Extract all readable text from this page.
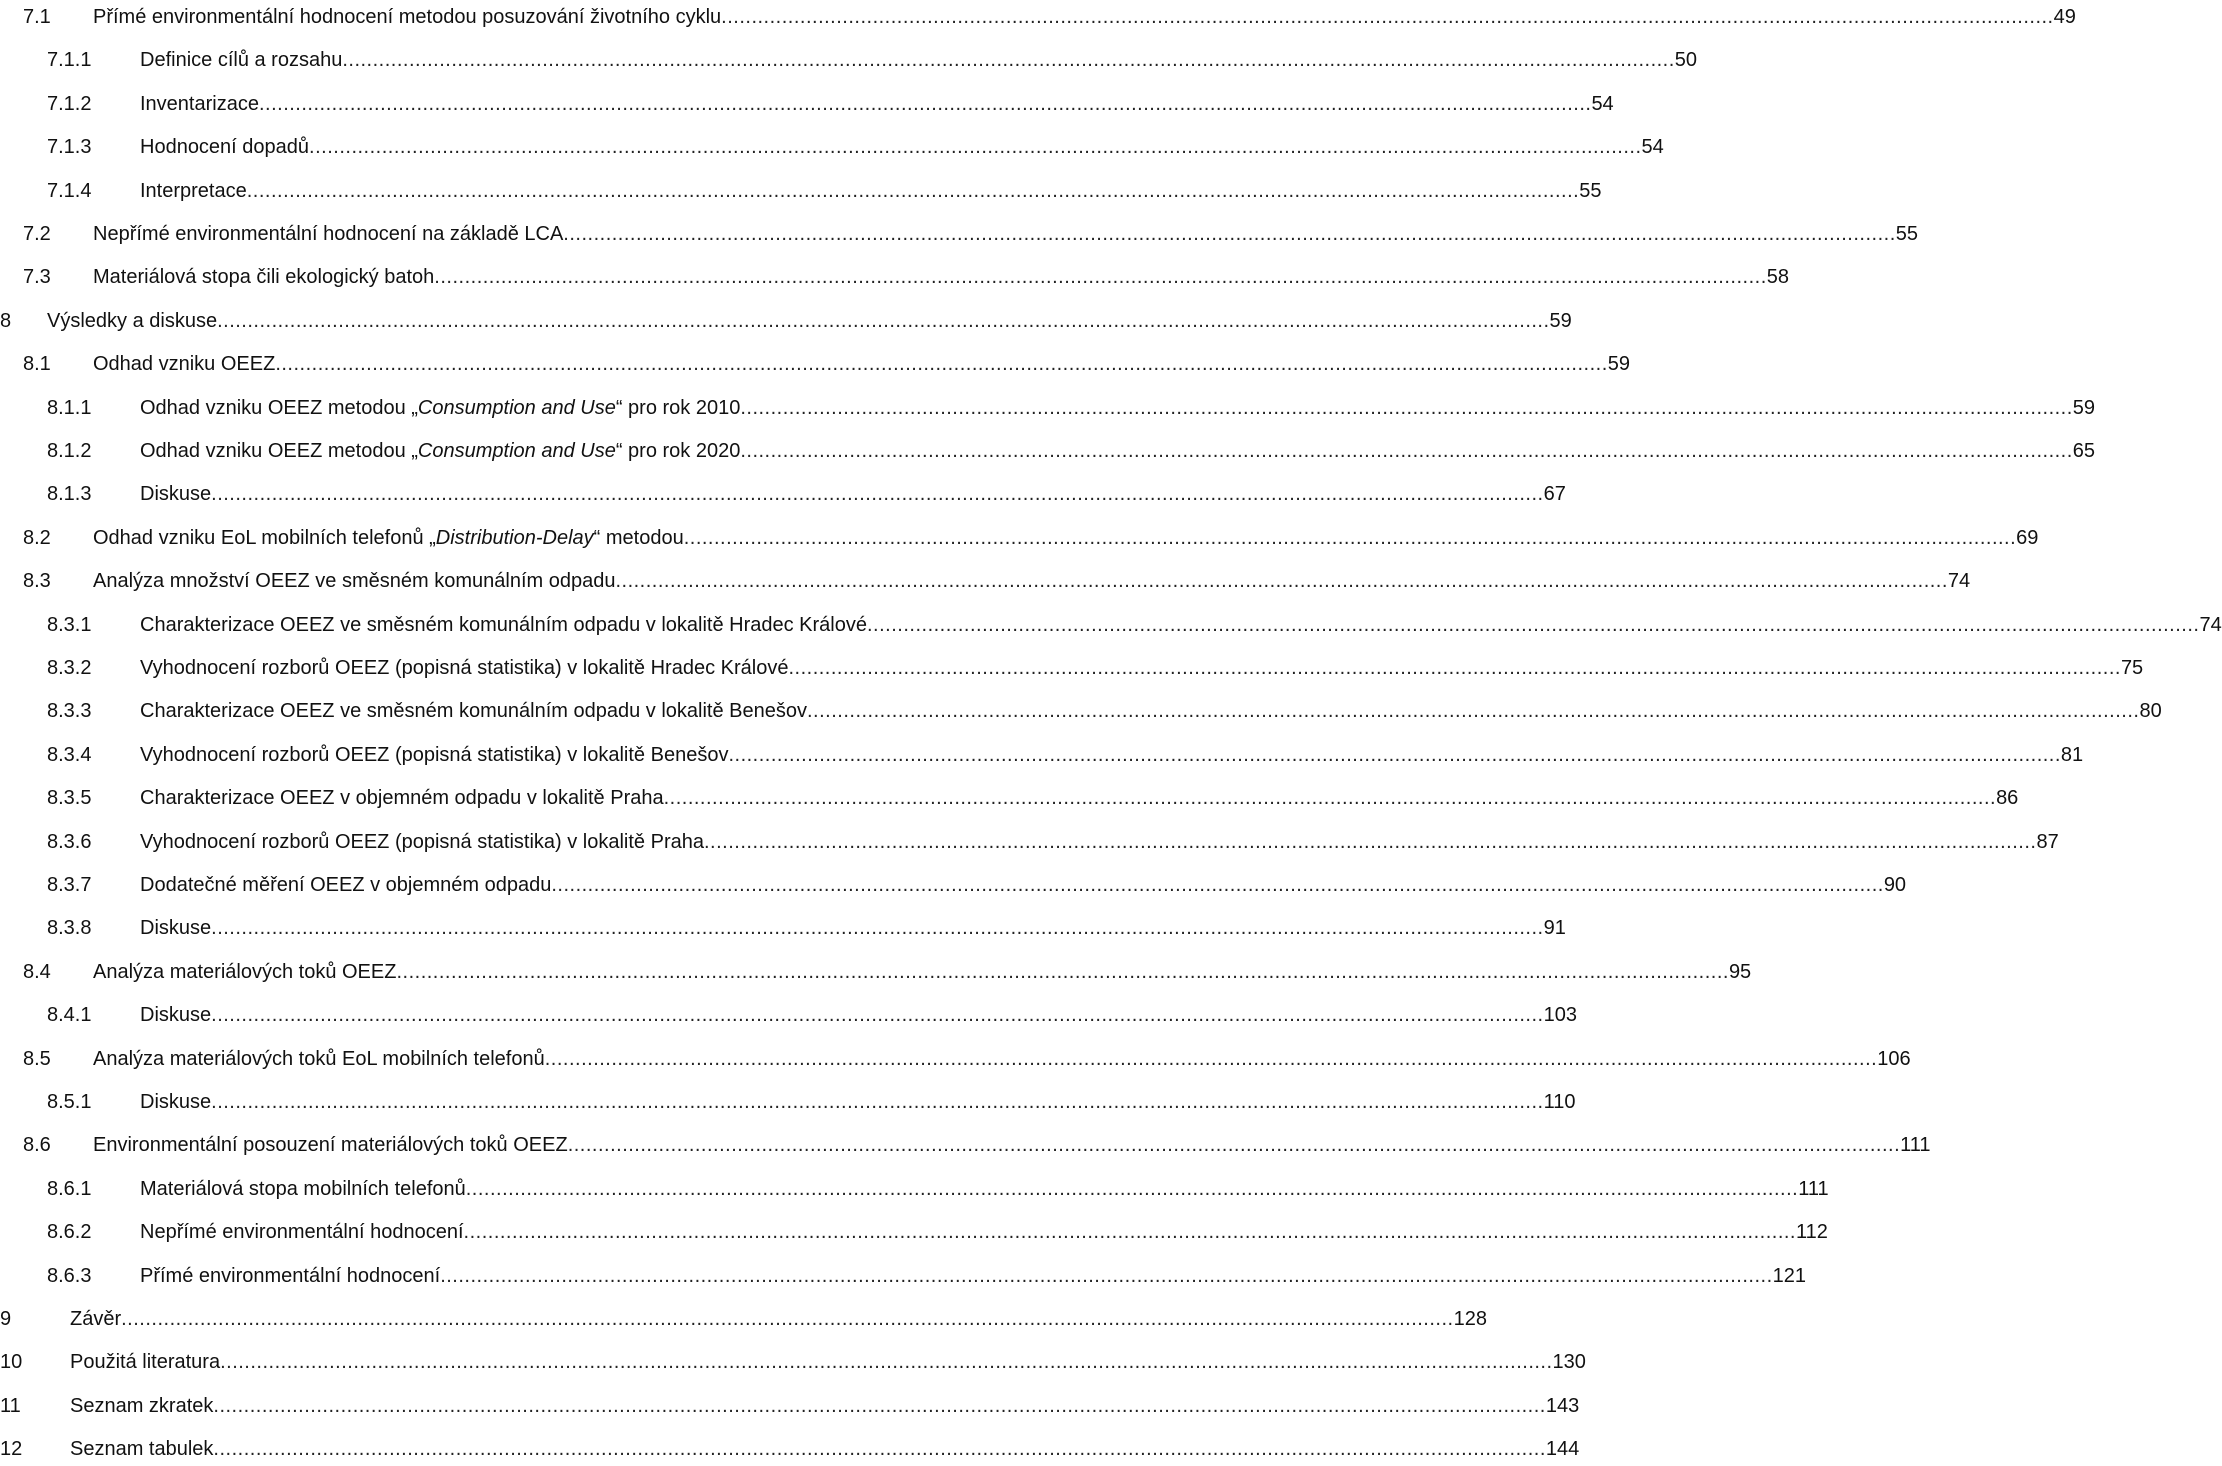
7.1 Přímé environmentální hodnocení metodou posuzování životního cyklu ............................................................................................................................................................................................................................ 49
7.1.1 Definice cílů a rozsahu ............................................................................................................................................................................................................................ 50
7.1.2 Inventarizace ............................................................................................................................................................................................................................ 54
7.1.3 Hodnocení dopadů ............................................................................................................................................................................................................................ 54
7.1.4 Interpretace ............................................................................................................................................................................................................................ 55
7.2 Nepřímé environmentální hodnocení na základě LCA ............................................................................................................................................................................................................................ 55
7.3 Materiálová stopa čili ekologický batoh ............................................................................................................................................................................................................................ 58
8 Výsledky a diskuse ............................................................................................................................................................................................................................ 59
8.1 Odhad vzniku OEEZ ............................................................................................................................................................................................................................ 59
8.1.1 Odhad vzniku OEEZ metodou „Consumption and Use“ pro rok 2010 ............................................................................................................................................................................................................................ 59
8.1.2 Odhad vzniku OEEZ metodou „Consumption and Use“ pro rok 2020 ............................................................................................................................................................................................................................ 65
8.1.3 Diskuse ............................................................................................................................................................................................................................ 67
8.2 Odhad vzniku EoL mobilních telefonů „Distribution-Delay“ metodou ............................................................................................................................................................................................................................ 69
8.3 Analýza množství OEEZ ve směsném komunálním odpadu ............................................................................................................................................................................................................................ 74
8.3.1 Charakterizace OEEZ ve směsném komunálním odpadu v lokalitě Hradec Králové ............................................................................................................................................................................................................................ 74
8.3.2 Vyhodnocení rozborů OEEZ (popisná statistika) v lokalitě Hradec Králové ............................................................................................................................................................................................................................ 75
8.3.3 Charakterizace OEEZ ve směsném komunálním odpadu v lokalitě Benešov ............................................................................................................................................................................................................................ 80
8.3.4 Vyhodnocení rozborů OEEZ (popisná statistika) v lokalitě Benešov ............................................................................................................................................................................................................................ 81
8.3.5 Charakterizace OEEZ v objemném odpadu v lokalitě Praha ............................................................................................................................................................................................................................ 86
8.3.6 Vyhodnocení rozborů OEEZ (popisná statistika) v lokalitě Praha ............................................................................................................................................................................................................................ 87
8.3.7 Dodatečné měření OEEZ v objemném odpadu ............................................................................................................................................................................................................................ 90
8.3.8 Diskuse ............................................................................................................................................................................................................................ 91
8.4 Analýza materiálových toků OEEZ ............................................................................................................................................................................................................................ 95
8.4.1 Diskuse ............................................................................................................................................................................................................................ 103
8.5 Analýza materiálových toků EoL mobilních telefonů ............................................................................................................................................................................................................................ 106
8.5.1 Diskuse ............................................................................................................................................................................................................................ 110
8.6 Environmentální posouzení materiálových toků OEEZ ............................................................................................................................................................................................................................ 111
8.6.1 Materiálová stopa mobilních telefonů ............................................................................................................................................................................................................................ 111
8.6.2 Nepřímé environmentální hodnocení ............................................................................................................................................................................................................................ 112
8.6.3 Přímé environmentální hodnocení ............................................................................................................................................................................................................................ 121
9	Závěr ............................................................................................................................................................................................................................ 128
10 Použitá literatura ............................................................................................................................................................................................................................ 130
11 Seznam zkratek ............................................................................................................................................................................................................................ 143
12 Seznam tabulek ............................................................................................................................................................................................................................ 144
